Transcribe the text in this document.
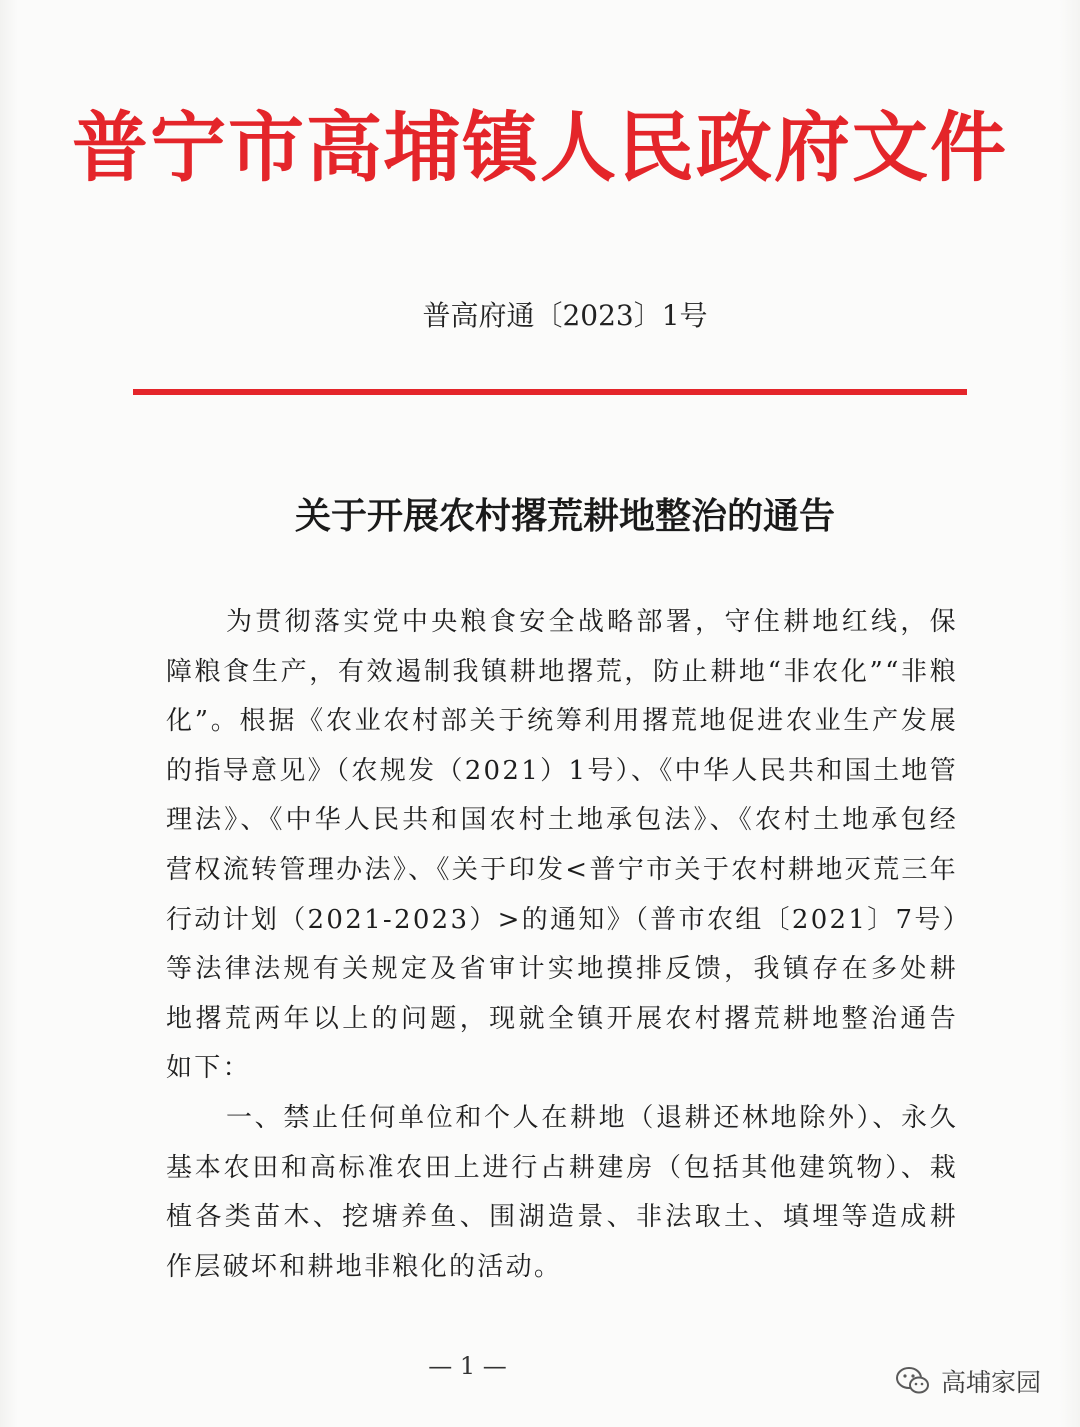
普宁市高埔镇人民政府文件
普高府通〔2023〕1号
关于开展农村撂荒耕地整治的通告

为贯彻落实党中央粮食安全战略部署，守住耕地红线，保障粮食生产，有效遏制我镇耕地撂荒，防止耕地“非农化”“非粮化”。根据《农业农村部关于统筹利用撂荒地促进农业生产发展的指导意见》（农规发（2021）1号）、《中华人民共和国土地管理法》、《中华人民共和国农村土地承包法》、《农村土地承包经营权流转管理办法》、《关于印发<普宁市关于农村耕地灭荒三年行动计划（2021-2023）>的通知》（普市农组〔2021〕7号）等法律法规有关规定及省审计实地摸排反馈，我镇存在多处耕地撂荒两年以上的问题，现就全镇开展农村撂荒耕地整治通告如下：

一、禁止任何单位和个人在耕地（退耕还林地除外）、永久基本农田和高标准农田上进行占耕建房（包括其他建筑物）、栽植各类苗木、挖塘养鱼、围湖造景、非法取土、填埋等造成耕作层破坏和耕地非粮化的活动。

— 1 —
高埔家园
